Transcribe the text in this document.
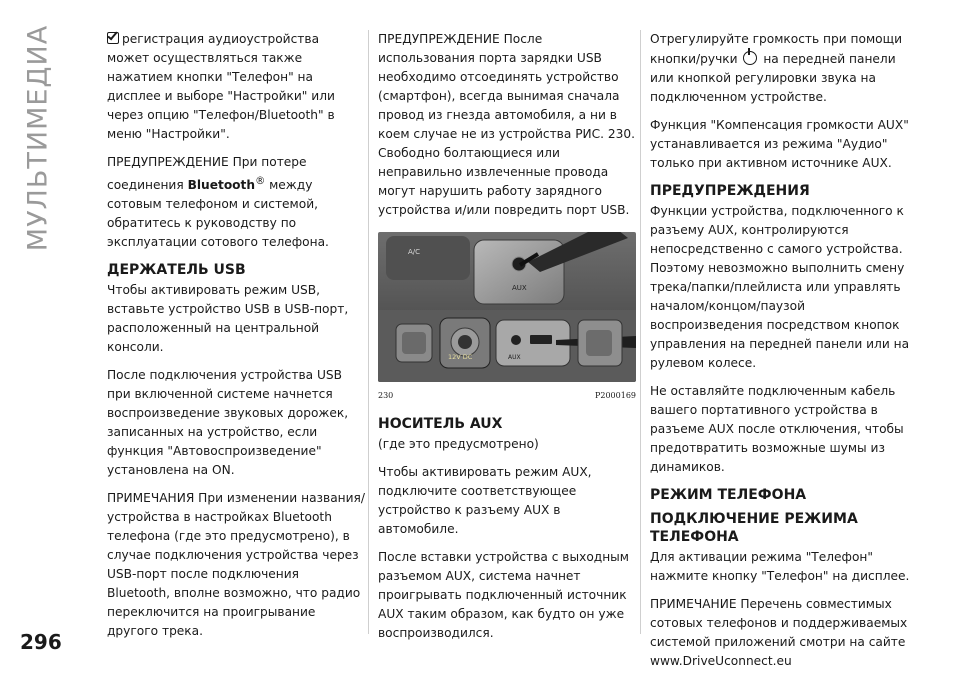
МУЛЬТИМЕДИА	регистрация аудиоустройства может осуществляться также нажатием кнопки "Телефон" на дисплее и выборе "Настройки" или через опцию "Телефон/Bluetooth" в меню "Настройки".

ПРЕДУПРЕЖДЕНИЕ При потере соединения Bluetooth® между сотовым телефоном и системой, обратитесь к руководству по эксплуатации сотового телефона.

ДЕРЖАТЕЛЬ USB

Чтобы активировать режим USB, вставьте устройство USB в USB-порт, расположенный на центральной консоли.

После подключения устройства USB при включенной системе начнется воспроизведение звуковых дорожек, записанных на устройство, если функция "Автовоспроизведение" установлена на ON.

ПРИМЕЧАНИЯ При изменении названия/устройства в настройках Bluetooth телефона (где это предусмотрено), в случае подключения устройства через USB-порт после подключения Bluetooth, вполне возможно, что радио переключится на проигрывание другого трека.

ПРЕДУПРЕЖДЕНИЕ После использования порта зарядки USB необходимо отсоединять устройство (смартфон), всегда вынимая сначала провод из гнезда автомобиля, а ни в коем случае не из устройства РИС. 230. Свободно болтающиеся или неправильно извлеченные провода могут нарушить работу зарядного устройства и/или повредить порт USB.

A/C
AUX
12V DC	AUX
230	P2000169
НОСИТЕЛЬ AUX

(где это предусмотрено)

Чтобы активировать режим AUX, подключите соответствующее устройство к разъему AUX в автомобиле.

После вставки устройства с выходным разъемом AUX, система начнет проигрывать подключенный источник AUX таким образом, как будто он уже воспроизводился.

Отрегулируйте громкость при помощи кнопки/ручки на передней панели или кнопкой регулировки звука на подключенном устройстве.

Функция "Компенсация громкости AUX" устанавливается из режима "Аудио" только при активном источнике AUX.

ПРЕДУПРЕЖДЕНИЯ

Функции устройства, подключенного к разъему AUX, контролируются непосредственно с самого устройства. Поэтому невозможно выполнить смену трека/папки/плейлиста или управлять началом/концом/паузой воспроизведения посредством кнопок управления на передней панели или на рулевом колесе.

Не оставляйте подключенным кабель вашего портативного устройства в разъеме AUX после отключения, чтобы предотвратить возможные шумы из динамиков.

РЕЖИМ ТЕЛЕФОНА
ПОДКЛЮЧЕНИЕ РЕЖИМА ТЕЛЕФОНА

Для активации режима "Телефон" нажмите кнопку "Телефон" на дисплее.

ПРИМЕЧАНИЕ Перечень совместимых сотовых телефонов и поддерживаемых системой приложений смотри на сайте www.DriveUconnect.eu

296
